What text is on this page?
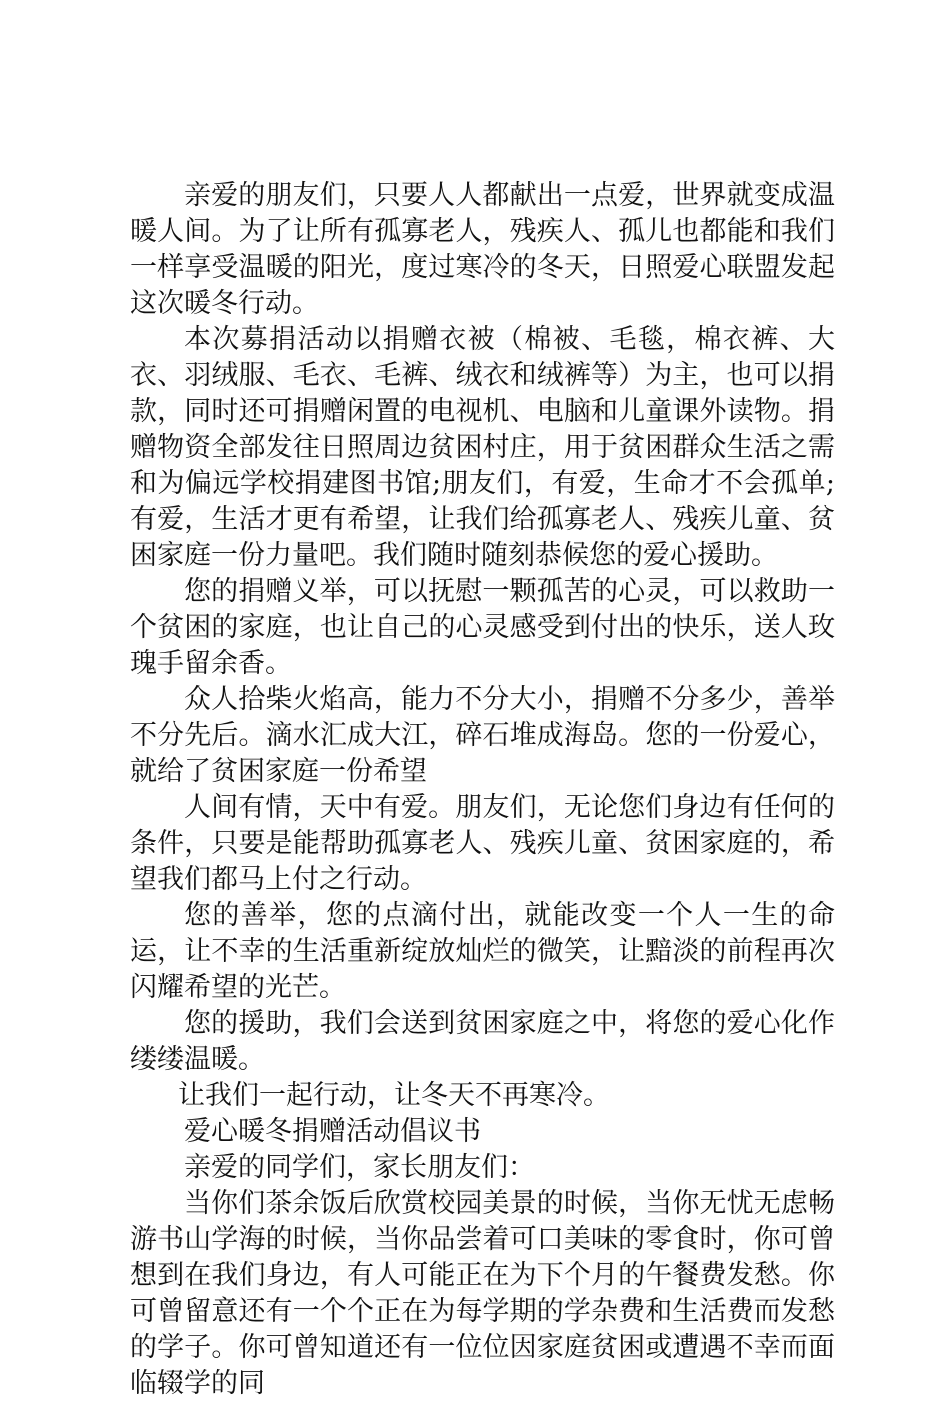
亲爱的朋友们，只要人人都献出一点爱，世界就变成温暖人间。为了让所有孤寡老人，残疾人、孤儿也都能和我们一样享受温暖的阳光，度过寒冷的冬天，日照爱心联盟发起这次暖冬行动。

本次募捐活动以捐赠衣被（棉被、毛毯，棉衣裤、大衣、羽绒服、毛衣、毛裤、绒衣和绒裤等）为主，也可以捐款，同时还可捐赠闲置的电视机、电脑和儿童课外读物。捐赠物资全部发往日照周边贫困村庄，用于贫困群众生活之需和为偏远学校捐建图书馆;朋友们，有爱，生命才不会孤单;有爱，生活才更有希望，让我们给孤寡老人、残疾儿童、贫困家庭一份力量吧。我们随时随刻恭候您的爱心援助。

您的捐赠义举，可以抚慰一颗孤苦的心灵，可以救助一个贫困的家庭，也让自己的心灵感受到付出的快乐，送人玫瑰手留余香。

众人拾柴火焰高，能力不分大小，捐赠不分多少，善举不分先后。滴水汇成大江，碎石堆成海岛。您的一份爱心，就给了贫困家庭一份希望

人间有情，天中有爱。朋友们，无论您们身边有任何的条件，只要是能帮助孤寡老人、残疾儿童、贫困家庭的，希望我们都马上付之行动。

您的善举，您的点滴付出，就能改变一个人一生的命运，让不幸的生活重新绽放灿烂的微笑，让黯淡的前程再次闪耀希望的光芒。

您的援助，我们会送到贫困家庭之中，将您的爱心化作缕缕温暖。

让我们一起行动，让冬天不再寒冷。

爱心暖冬捐赠活动倡议书

亲爱的同学们，家长朋友们：

当你们茶余饭后欣赏校园美景的时候，当你无忧无虑畅游书山学海的时候，当你品尝着可口美味的零食时，你可曾想到在我们身边，有人可能正在为下个月的午餐费发愁。你可曾留意还有一个个正在为每学期的学杂费和生活费而发愁的学子。你可曾知道还有一位位因家庭贫困或遭遇不幸而面临辍学的同
